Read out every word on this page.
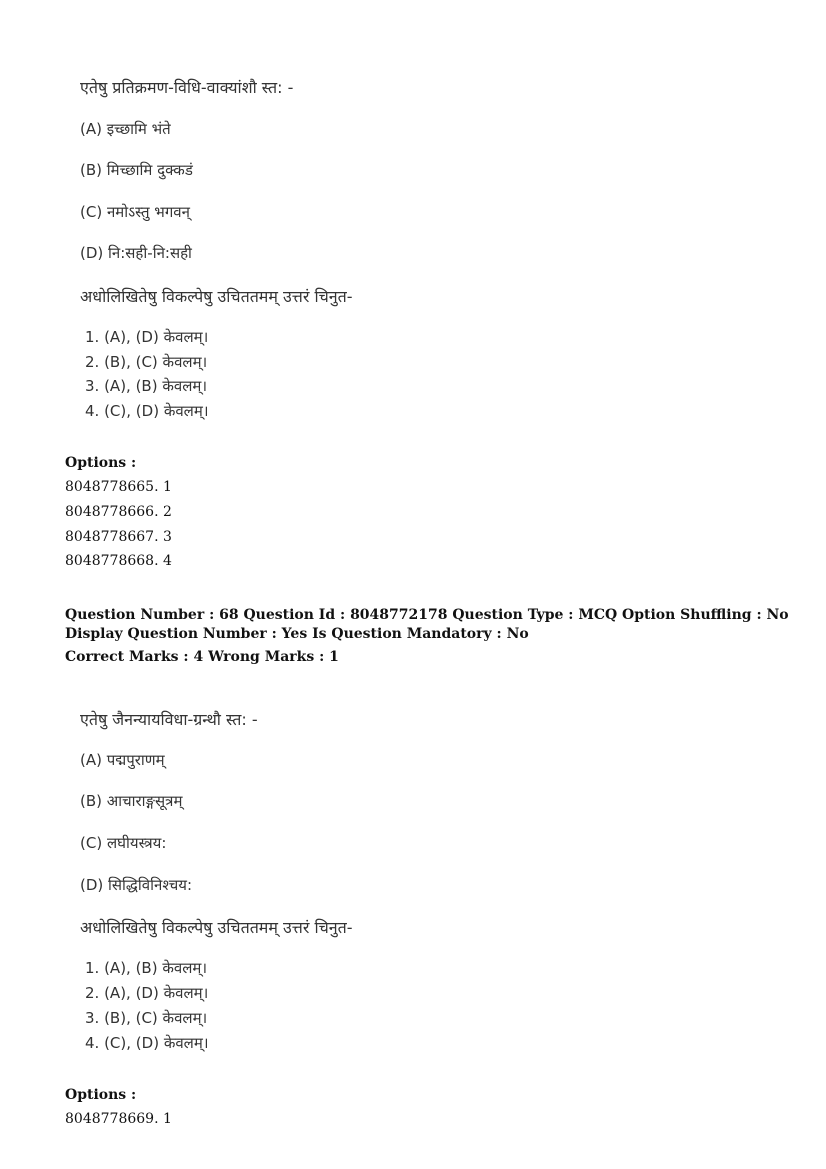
एतेषु प्रतिक्रमण-विधि-वाक्यांशौ स्त: -
(A) इच्छामि भंते
(B) मिच्छामि दुक्कडं
(C) नमोऽस्तु भगवन्
(D) नि:सही-नि:सही
अधोलिखितेषु विकल्पेषु उचिततमम् उत्तरं चिनुत-
1. (A), (D) केवलम्।
2. (B), (C) केवलम्।
3. (A), (B) केवलम्।
4. (C), (D) केवलम्।
Options :
8048778665. 1
8048778666. 2
8048778667. 3
8048778668. 4
Question Number : 68 Question Id : 8048772178 Question Type : MCQ Option Shuffling : No
Display Question Number : Yes Is Question Mandatory : No
Correct Marks : 4 Wrong Marks : 1
एतेषु जैनन्यायविधा-ग्रन्थौ स्त: -
(A) पद्मपुराणम्
(B) आचाराङ्गसूत्रम्
(C) लघीयस्त्रय:
(D) सिद्धिविनिश्चय:
अधोलिखितेषु विकल्पेषु उचिततमम् उत्तरं चिनुत-
1. (A), (B) केवलम्।
2. (A), (D) केवलम्।
3. (B), (C) केवलम्।
4. (C), (D) केवलम्।
Options :
8048778669. 1
